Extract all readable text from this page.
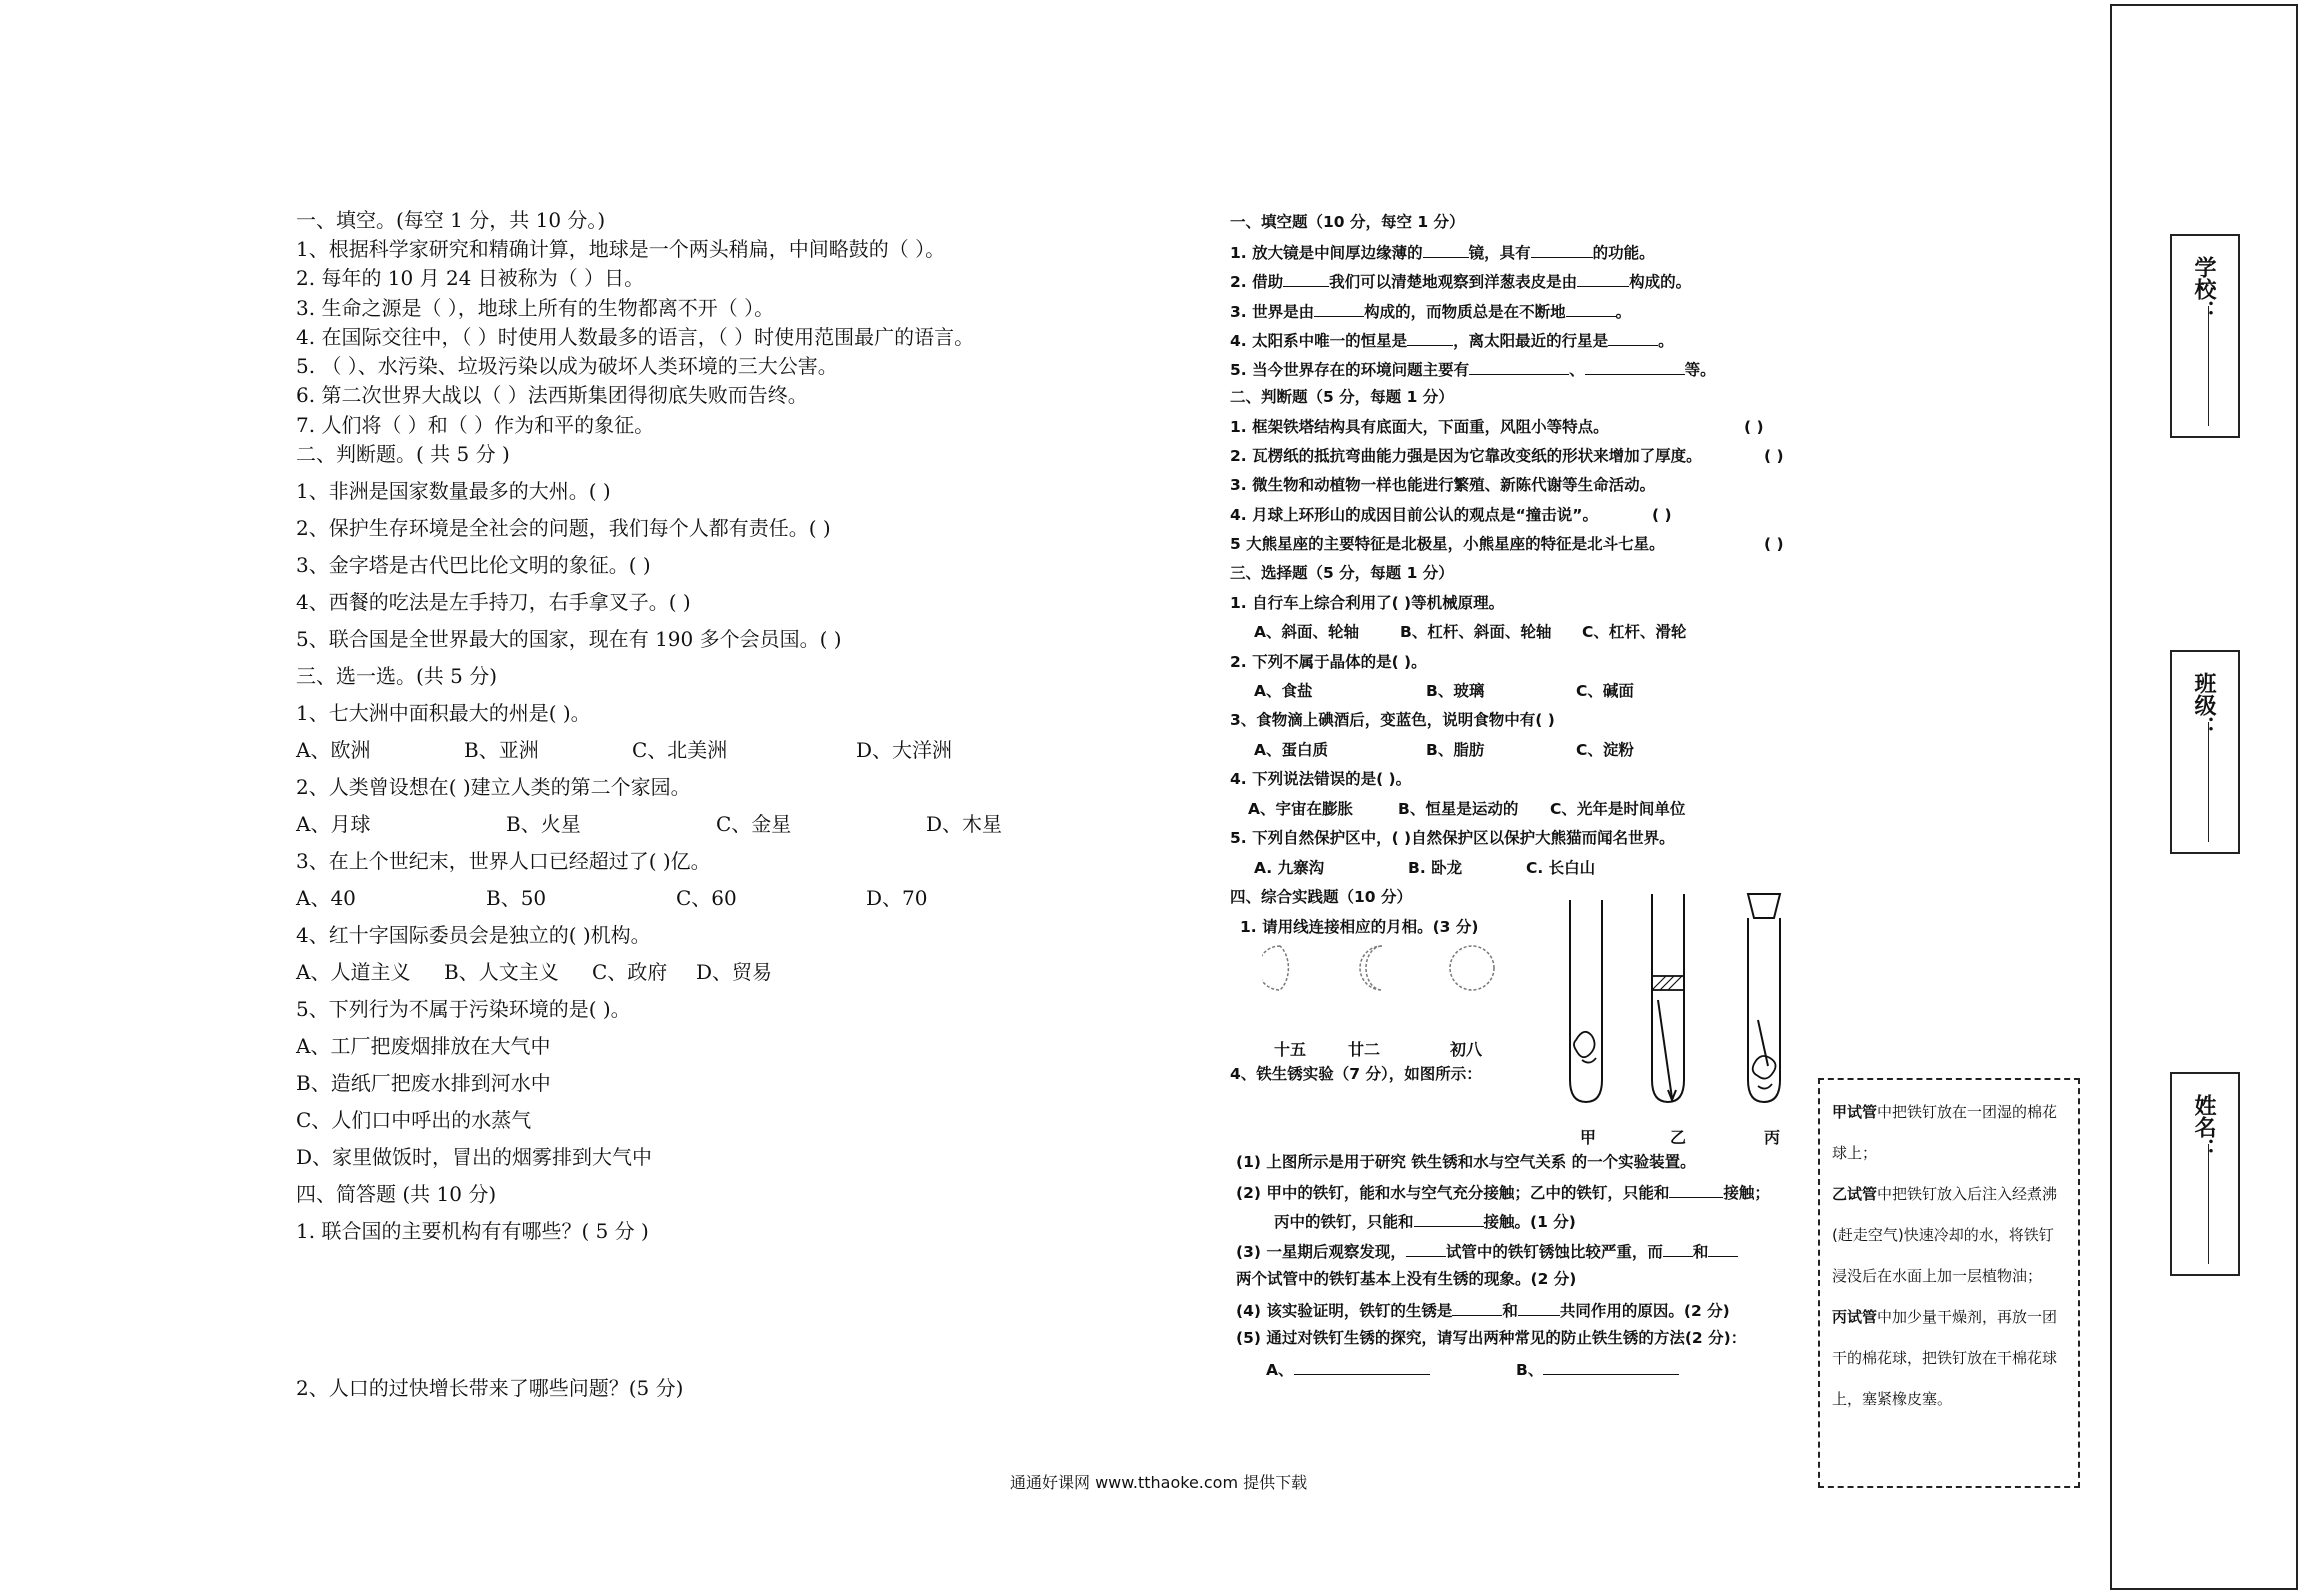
一、填空。(每空 1 分，共 10 分。)
1、根据科学家研究和精确计算，地球是一个两头稍扁，中间略鼓的（ ）。
2. 每年的 10 月 24 日被称为（ ）日。
3. 生命之源是（ ），地球上所有的生物都离不开（ ）。
4. 在国际交往中，（ ）时使用人数最多的语言，（ ）时使用范围最广的语言。
5. （ ）、水污染、垃圾污染以成为破坏人类环境的三大公害。
6. 第二次世界大战以（ ）法西斯集团得彻底失败而告终。
7. 人们将（ ）和（ ）作为和平的象征。
二、判断题。( 共 5 分 )
1、非洲是国家数量最多的大州。( )
2、保护生存环境是全社会的问题，我们每个人都有责任。( )
3、金字塔是古代巴比伦文明的象征。( )
4、西餐的吃法是左手持刀，右手拿叉子。( )
5、联合国是全世界最大的国家，现在有 190 多个会员国。( )
三、选一选。(共 5 分)
1、七大洲中面积最大的州是( )。
A、欧洲	B、亚洲	C、北美洲	D、大洋洲
2、人类曾设想在( )建立人类的第二个家园。
A、月球	B、火星	C、金星	D、木星
3、在上个世纪末，世界人口已经超过了( )亿。
A、40	B、50	C、60	D、70
4、红十字国际委员会是独立的( )机构。
A、人道主义 B、人文主义 C、政府 D、贸易
5、下列行为不属于污染环境的是( )。
A、工厂把废烟排放在大气中
B、造纸厂把废水排到河水中
C、人们口中呼出的水蒸气
D、家里做饭时，冒出的烟雾排到大气中
四、简答题 (共 10 分)
1. 联合国的主要机构有有哪些？( 5 分 )
2、人口的过快增长带来了哪些问题？(5 分)
一、填空题（10 分，每空 1 分）
1. 放大镜是中间厚边缘薄的	镜，具有	的功能。
2. 借助	我们可以清楚地观察到洋葱表皮是由	构成的。
3. 世界是由	构成的，而物质总是在不断地	。
4. 太阳系中唯一的恒星是	，离太阳最近的行星是	。
5. 当今世界存在的环境问题主要有	、	等。
二、判断题（5 分，每题 1 分）
1. 框架铁塔结构具有底面大，下面重，风阻小等特点。	( )
2. 瓦楞纸的抵抗弯曲能力强是因为它靠改变纸的形状来增加了厚度。	( )
3. 微生物和动植物一样也能进行繁殖、新陈代谢等生命活动。
4. 月球上环形山的成因目前公认的观点是“撞击说”。	( )
5 大熊星座的主要特征是北极星，小熊星座的特征是北斗七星。	( )
三、选择题（5 分，每题 1 分）
1. 自行车上综合利用了( )等机械原理。
A、斜面、轮轴	B、杠杆、斜面、轮轴 C、杠杆、滑轮
2. 下列不属于晶体的是( )。
A、食盐	B、玻璃	C、碱面
3、食物滴上碘酒后，变蓝色，说明食物中有( )
A、蛋白质	B、脂肪	C、淀粉
4. 下列说法错误的是( )。
A、宇宙在膨胀	B、恒星是运动的 C、光年是时间单位
5. 下列自然保护区中，( )自然保护区以保护大熊猫而闻名世界。
A. 九寨沟	B. 卧龙	C. 长白山
四、综合实践题（10 分）
1. 请用线连接相应的月相。(3 分)
4、铁生锈实验（7 分），如图所示：
(1) 上图所示是用于研究 铁生锈和水与空气关系 的一个实验装置。
(2) 甲中的铁钉，能和水与空气充分接触；乙中的铁钉，只能和	接触；
丙中的铁钉，只能和	接触。(1 分)
(3) 一星期后观察发现，	试管中的铁钉锈蚀比较严重，而 和
两个试管中的铁钉基本上没有生锈的现象。(2 分)
(4) 该实验证明，铁钉的生锈是	和	共同作用的原因。(2 分)
(5) 通过对铁钉生锈的探究，请写出两种常见的防止铁生锈的方法(2 分)：
A、	B、
十五	廿二	初八
甲	乙	丙
甲试管中把铁钉放在一团湿的棉花球上；
乙试管中把铁钉放入后注入经煮沸(赶走空气)快速冷却的水，将铁钉浸没后在水面上加一层植物油；
丙试管中加少量干燥剂，再放一团干的棉花球，把铁钉放在干棉花球上，塞紧橡皮塞。
通通好课网 www.tthaoke.com 提供下载
学校：
班级：
姓名：
